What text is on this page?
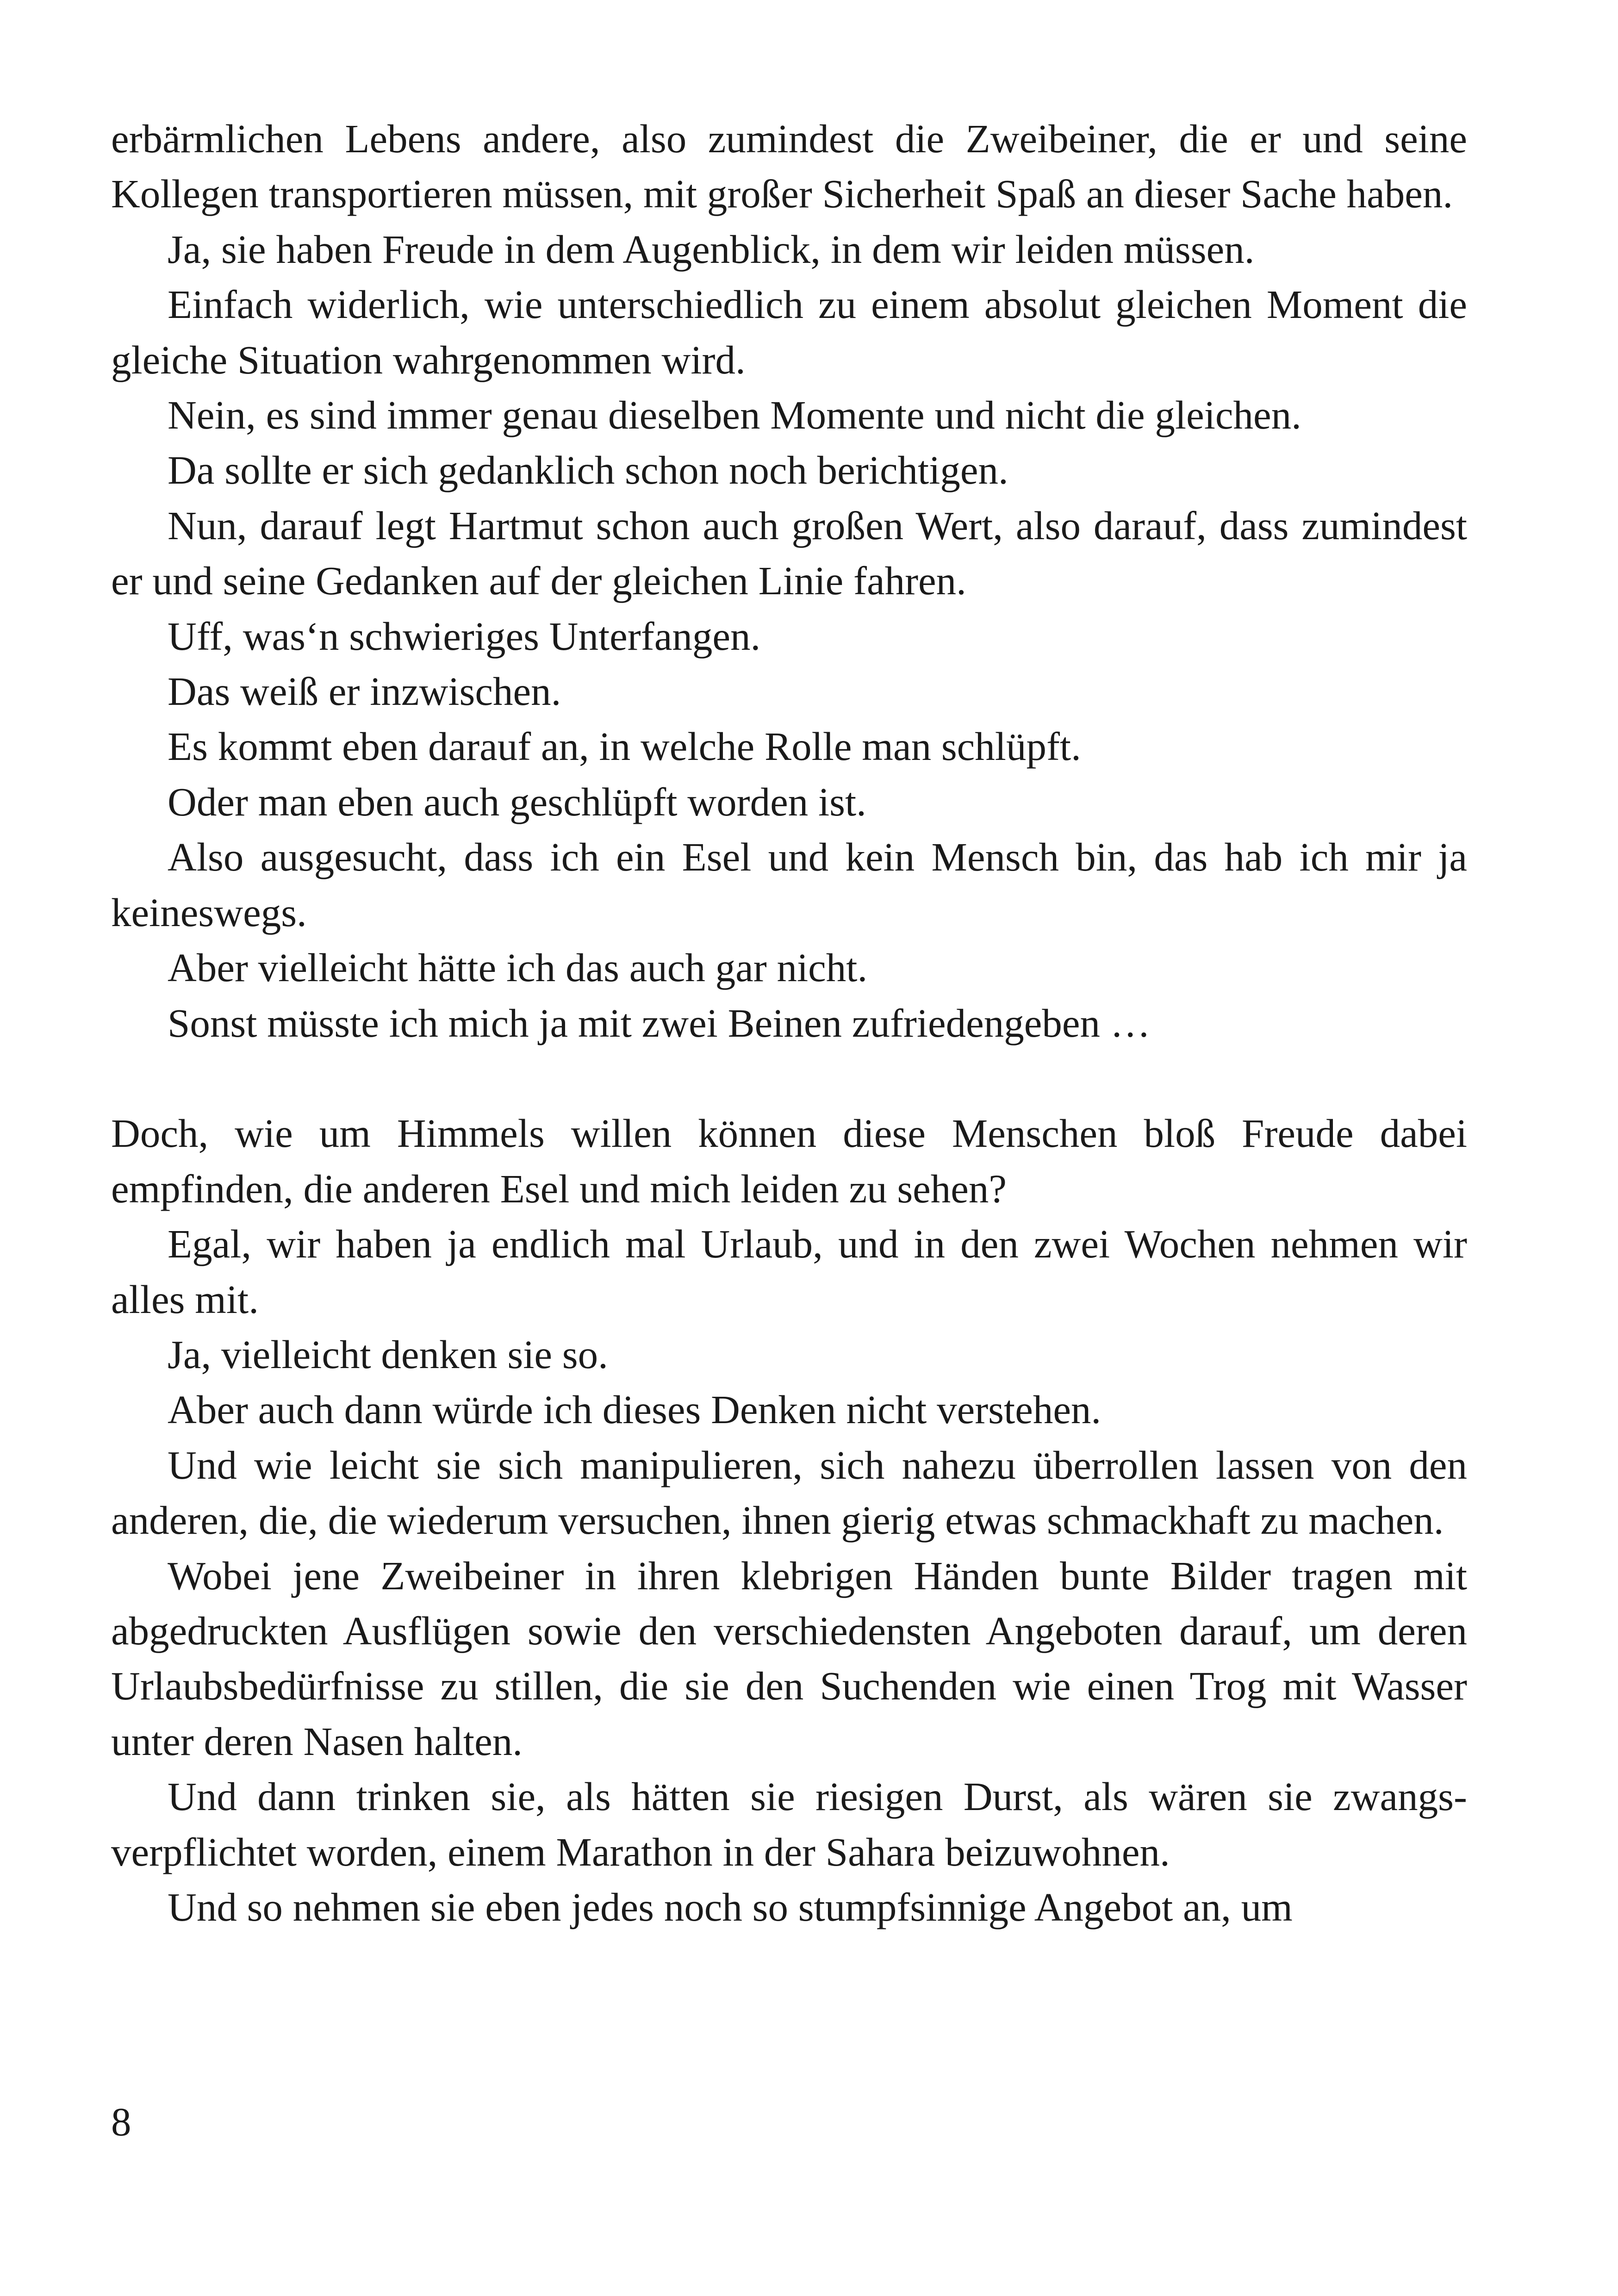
erbärmlichen Lebens andere, also zumindest die Zweibeiner, die er und seine Kollegen transportieren müssen, mit großer Sicherheit Spaß an dieser Sache haben.

Ja, sie haben Freude in dem Augenblick, in dem wir leiden müssen.

Einfach widerlich, wie unterschiedlich zu einem absolut gleichen Moment die gleiche Situation wahrgenommen wird.

Nein, es sind immer genau dieselben Momente und nicht die gleichen.

Da sollte er sich gedanklich schon noch berichtigen.

Nun, darauf legt Hartmut schon auch großen Wert, also darauf, dass zumindest er und seine Gedanken auf der gleichen Linie fahren.

Uff, was‘n schwieriges Unterfangen.

Das weiß er inzwischen.

Es kommt eben darauf an, in welche Rolle man schlüpft.

Oder man eben auch geschlüpft worden ist.

Also ausgesucht, dass ich ein Esel und kein Mensch bin, das hab ich mir ja keineswegs.

Aber vielleicht hätte ich das auch gar nicht.

Sonst müsste ich mich ja mit zwei Beinen zufriedengeben …

Doch, wie um Himmels willen können diese Menschen bloß Freude dabei empfinden, die anderen Esel und mich leiden zu sehen?

Egal, wir haben ja endlich mal Urlaub, und in den zwei Wochen nehmen wir alles mit.

Ja, vielleicht denken sie so.

Aber auch dann würde ich dieses Denken nicht verstehen.

Und wie leicht sie sich manipulieren, sich nahezu überrollen lassen von den anderen, die, die wiederum versuchen, ihnen gierig etwas schmackhaft zu machen.

Wobei jene Zweibeiner in ihren klebrigen Händen bunte Bilder tragen mit abgedruckten Ausflügen sowie den verschiedensten Angeboten darauf, um deren Urlaubsbedürfnisse zu stillen, die sie den Suchenden wie einen Trog mit Wasser unter deren Nasen halten.

Und dann trinken sie, als hätten sie riesigen Durst, als wären sie zwangsverpflichtet worden, einem Marathon in der Sahara beizuwohnen.

Und so nehmen sie eben jedes noch so stumpfsinnige Angebot an, um

8
